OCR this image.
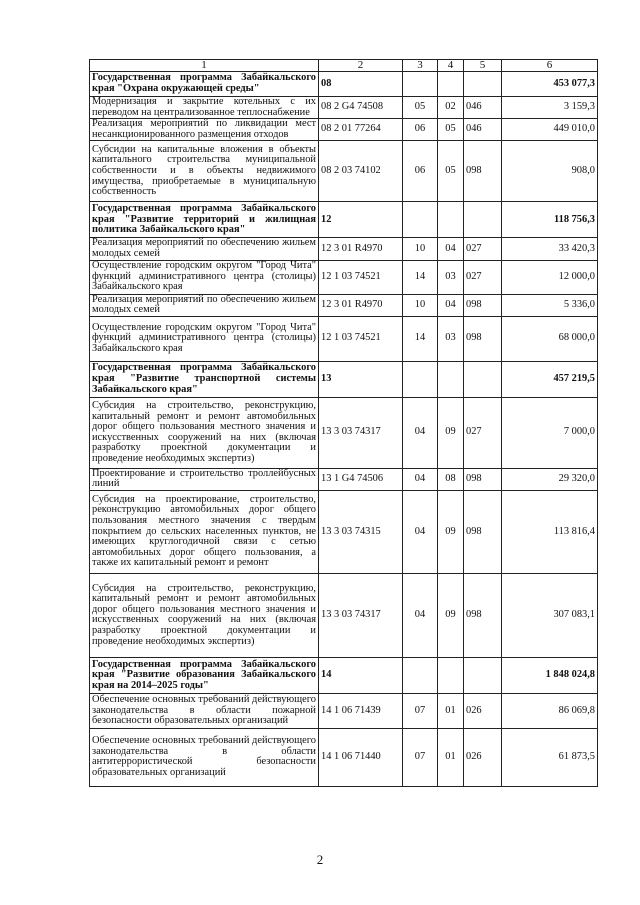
1	2	3	4	5	6
Государственная программа Забайкальского края "Охрана окружающей среды"	08				453 077,3
Модернизация и закрытие котельных с их переводом на централизованное теплоснабжение	08 2 G4 74508	05	02	046	3 159,3
Реализация мероприятий по ликвидации мест несанкционированного размещения отходов	08 2 01 77264	06	05	046	449 010,0
Субсидии на капитальные вложения в объекты капитального строительства муниципальной собственности и в объекты недвижимого имущества, приобретаемые в муниципальную собственность	08 2 03 74102	06	05	098	908,0
Государственная программа Забайкальского края "Развитие территорий и жилищная политика Забайкальского края"	12				118 756,3
Реализация мероприятий по обеспечению жильем молодых семей	12 3 01 R4970	10	04	027	33 420,3
Осуществление городским округом "Город Чита" функций административного центра (столицы) Забайкальского края	12 1 03 74521	14	03	027	12 000,0
Реализация мероприятий по обеспечению жильем молодых семей	12 3 01 R4970	10	04	098	5 336,0
Осуществление городским округом "Город Чита" функций административного центра (столицы) Забайкальского края	12 1 03 74521	14	03	098	68 000,0
Государственная программа Забайкальского края "Развитие транспортной системы Забайкальского края"	13				457 219,5
Субсидия на строительство, реконструкцию, капитальный ремонт и ремонт автомобильных дорог общего пользования местного значения и искусственных сооружений на них (включая разработку проектной документации и проведение необходимых экспертиз)	13 3 03 74317	04	09	027	7 000,0
Проектирование и строительство троллейбусных линий	13 1 G4 74506	04	08	098	29 320,0
Субсидия на проектирование, строительство, реконструкцию автомобильных дорог общего пользования местного значения с твердым покрытием до сельских населенных пунктов, не имеющих круглогодичной связи с сетью автомобильных дорог общего пользования, а также их капитальный ремонт и ремонт	13 3 03 74315	04	09	098	113 816,4
Субсидия на строительство, реконструкцию, капитальный ремонт и ремонт автомобильных дорог общего пользования местного значения и искусственных сооружений на них (включая разработку проектной документации и проведение необходимых экспертиз)	13 3 03 74317	04	09	098	307 083,1
Государственная программа Забайкальского края "Развитие образования Забайкальского края на 2014–2025 годы"	14				1 848 024,8
Обеспечение основных требований действующего законодательства в области пожарной безопасности образовательных организаций	14 1 06 71439	07	01	026	86 069,8
Обеспечение основных требований действующего законодательства в области антитеррористической безопасности образовательных организаций	14 1 06 71440	07	01	026	61 873,5
2
